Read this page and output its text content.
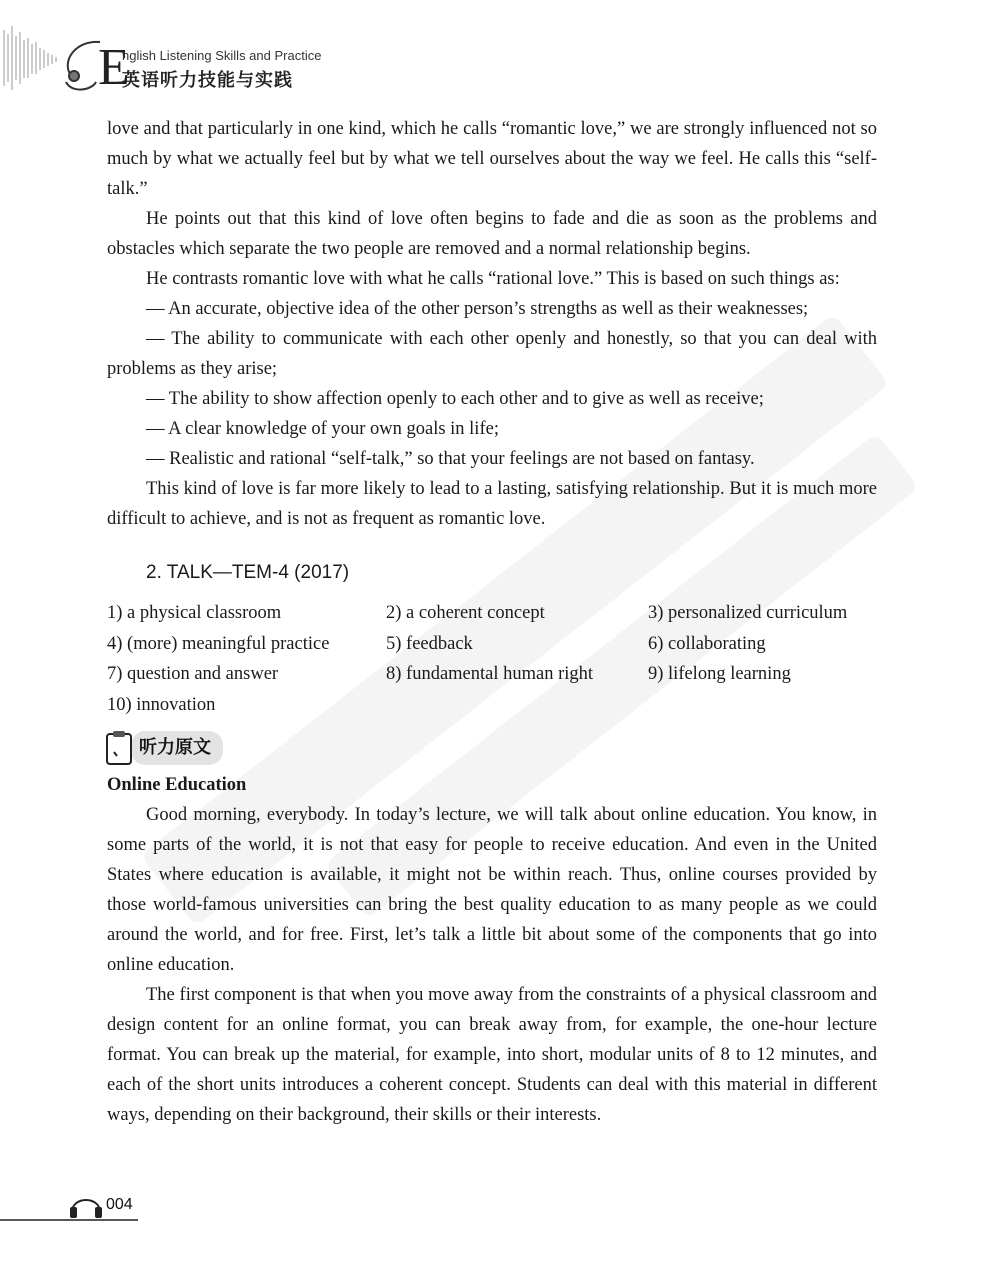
E
nglish Listening Skills and Practice
英语听力技能与实践

love and that particularly in one kind, which he calls “romantic love,” we are strongly influenced not so much by what we actually feel but by what we tell ourselves about the way we feel. He calls this “self-talk.”

He points out that this kind of love often begins to fade and die as soon as the problems and obstacles which separate the two people are removed and a normal relationship begins.

He contrasts romantic love with what he calls “rational love.” This is based on such things as:

— An accurate, objective idea of the other person’s strengths as well as their weaknesses;

— The ability to communicate with each other openly and honestly, so that you can deal with problems as they arise;

— The ability to show affection openly to each other and to give as well as receive;

— A clear knowledge of your own goals in life;

— Realistic and rational “self-talk,” so that your feelings are not based on fantasy.

This kind of love is far more likely to lead to a lasting, satisfying relationship. But it is much more difficult to achieve, and is not as frequent as romantic love.

2. TALK—TEM-4 (2017)

1) a physical classroom	2) a coherent concept	3) personalized curriculum
4) (more) meaningful practice	5) feedback	6) collaborating
7) question and answer	8) fundamental human right	9) lifelong learning
10) innovation
听力原文

Online Education

Good morning, everybody. In today’s lecture, we will talk about online education. You know, in some parts of the world, it is not that easy for people to receive education. And even in the United States where education is available, it might not be within reach. Thus, online courses provided by those world-famous universities can bring the best quality education to as many people as we could around the world, and for free. First, let’s talk a little bit about some of the components that go into online education.

The first component is that when you move away from the constraints of a physical classroom and design content for an online format, you can break away from, for example, the one-hour lecture format. You can break up the material, for example, into short, modular units of 8 to 12 minutes, and each of the short units introduces a coherent concept. Students can deal with this material in different ways, depending on their background, their skills or their interests.

004
